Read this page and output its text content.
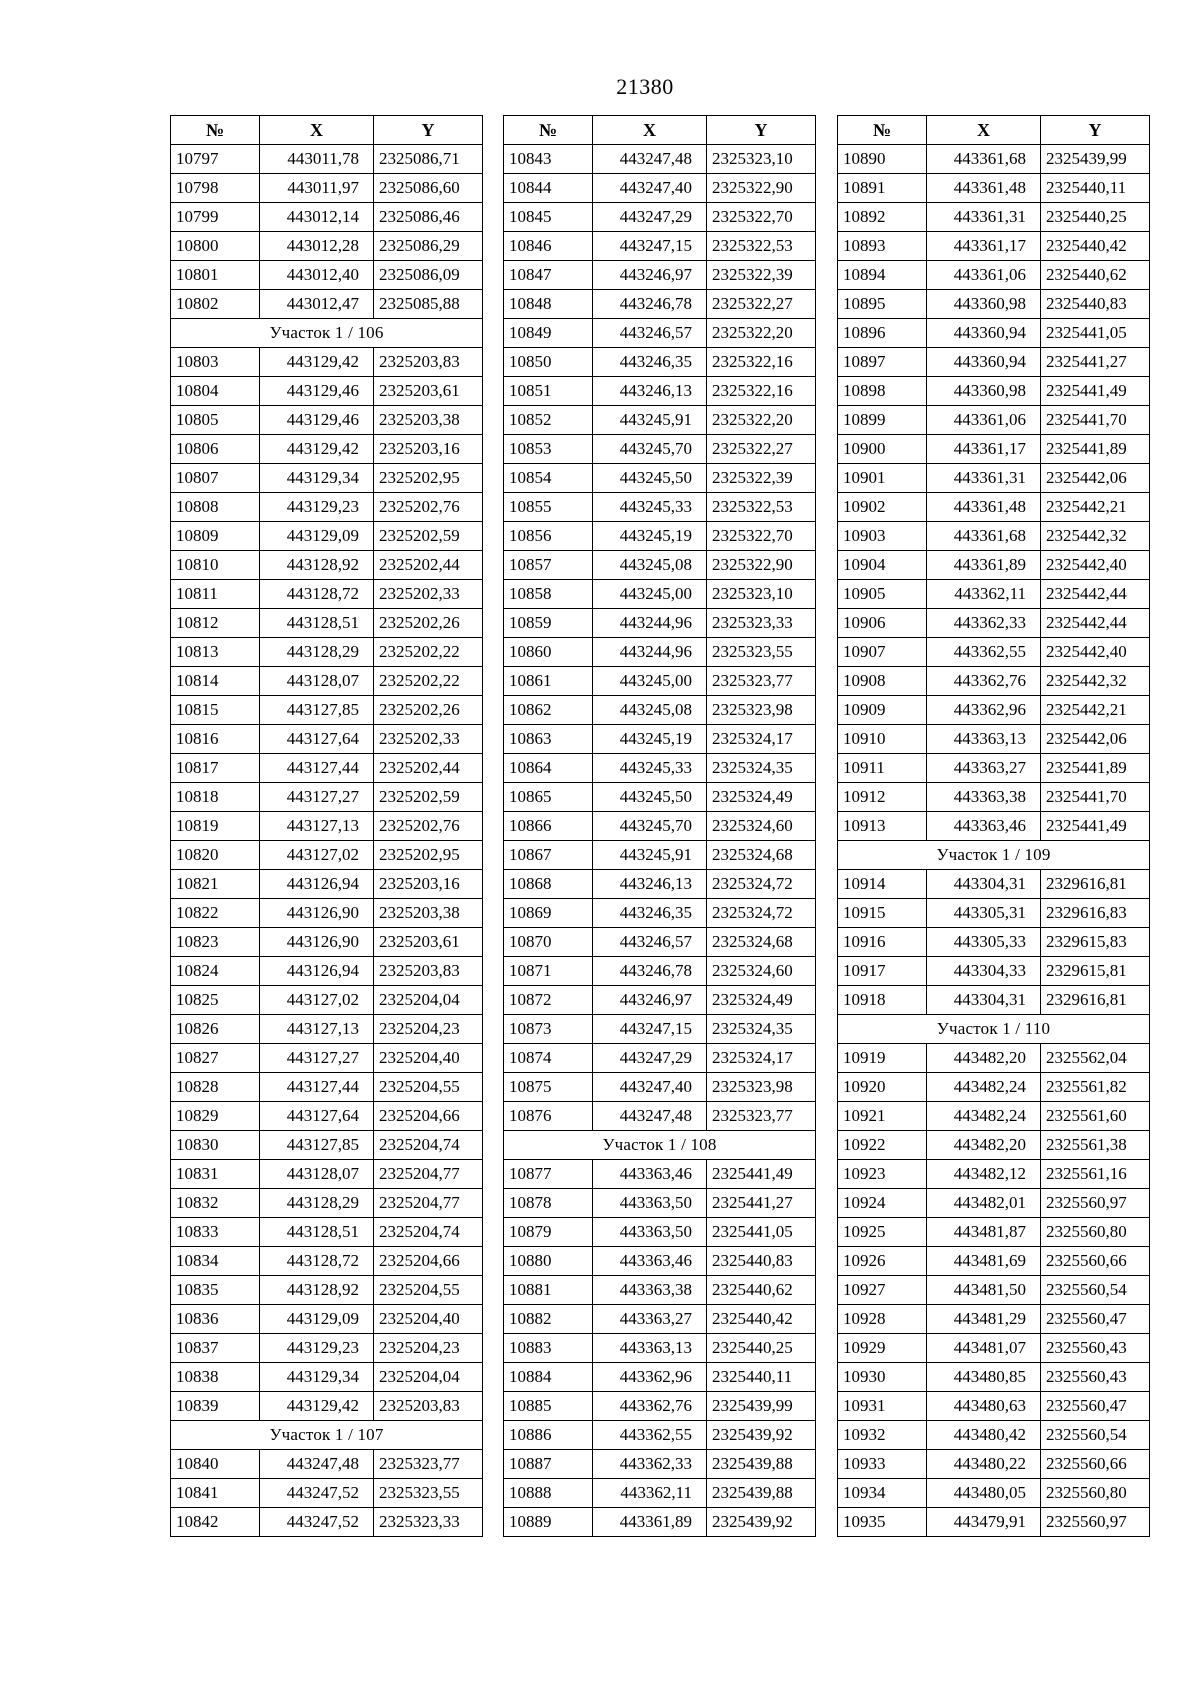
21380
№	X	Y
10797	443011,78	2325086,71
10798	443011,97	2325086,60
10799	443012,14	2325086,46
10800	443012,28	2325086,29
10801	443012,40	2325086,09
10802	443012,47	2325085,88
Участок 1 / 106		
10803	443129,42	2325203,83
10804	443129,46	2325203,61
10805	443129,46	2325203,38
10806	443129,42	2325203,16
10807	443129,34	2325202,95
10808	443129,23	2325202,76
10809	443129,09	2325202,59
10810	443128,92	2325202,44
10811	443128,72	2325202,33
10812	443128,51	2325202,26
10813	443128,29	2325202,22
10814	443128,07	2325202,22
10815	443127,85	2325202,26
10816	443127,64	2325202,33
10817	443127,44	2325202,44
10818	443127,27	2325202,59
10819	443127,13	2325202,76
10820	443127,02	2325202,95
10821	443126,94	2325203,16
10822	443126,90	2325203,38
10823	443126,90	2325203,61
10824	443126,94	2325203,83
10825	443127,02	2325204,04
10826	443127,13	2325204,23
10827	443127,27	2325204,40
10828	443127,44	2325204,55
10829	443127,64	2325204,66
10830	443127,85	2325204,74
10831	443128,07	2325204,77
10832	443128,29	2325204,77
10833	443128,51	2325204,74
10834	443128,72	2325204,66
10835	443128,92	2325204,55
10836	443129,09	2325204,40
10837	443129,23	2325204,23
10838	443129,34	2325204,04
10839	443129,42	2325203,83
Участок 1 / 107		
10840	443247,48	2325323,77
10841	443247,52	2325323,55
10842	443247,52	2325323,33
№	X	Y
10843	443247,48	2325323,10
10844	443247,40	2325322,90
10845	443247,29	2325322,70
10846	443247,15	2325322,53
10847	443246,97	2325322,39
10848	443246,78	2325322,27
10849	443246,57	2325322,20
10850	443246,35	2325322,16
10851	443246,13	2325322,16
10852	443245,91	2325322,20
10853	443245,70	2325322,27
10854	443245,50	2325322,39
10855	443245,33	2325322,53
10856	443245,19	2325322,70
10857	443245,08	2325322,90
10858	443245,00	2325323,10
10859	443244,96	2325323,33
10860	443244,96	2325323,55
10861	443245,00	2325323,77
10862	443245,08	2325323,98
10863	443245,19	2325324,17
10864	443245,33	2325324,35
10865	443245,50	2325324,49
10866	443245,70	2325324,60
10867	443245,91	2325324,68
10868	443246,13	2325324,72
10869	443246,35	2325324,72
10870	443246,57	2325324,68
10871	443246,78	2325324,60
10872	443246,97	2325324,49
10873	443247,15	2325324,35
10874	443247,29	2325324,17
10875	443247,40	2325323,98
10876	443247,48	2325323,77
Участок 1 / 108		
10877	443363,46	2325441,49
10878	443363,50	2325441,27
10879	443363,50	2325441,05
10880	443363,46	2325440,83
10881	443363,38	2325440,62
10882	443363,27	2325440,42
10883	443363,13	2325440,25
10884	443362,96	2325440,11
10885	443362,76	2325439,99
10886	443362,55	2325439,92
10887	443362,33	2325439,88
10888	443362,11	2325439,88
10889	443361,89	2325439,92
№	X	Y
10890	443361,68	2325439,99
10891	443361,48	2325440,11
10892	443361,31	2325440,25
10893	443361,17	2325440,42
10894	443361,06	2325440,62
10895	443360,98	2325440,83
10896	443360,94	2325441,05
10897	443360,94	2325441,27
10898	443360,98	2325441,49
10899	443361,06	2325441,70
10900	443361,17	2325441,89
10901	443361,31	2325442,06
10902	443361,48	2325442,21
10903	443361,68	2325442,32
10904	443361,89	2325442,40
10905	443362,11	2325442,44
10906	443362,33	2325442,44
10907	443362,55	2325442,40
10908	443362,76	2325442,32
10909	443362,96	2325442,21
10910	443363,13	2325442,06
10911	443363,27	2325441,89
10912	443363,38	2325441,70
10913	443363,46	2325441,49
Участок 1 / 109		
10914	443304,31	2329616,81
10915	443305,31	2329616,83
10916	443305,33	2329615,83
10917	443304,33	2329615,81
10918	443304,31	2329616,81
Участок 1 / 110		
10919	443482,20	2325562,04
10920	443482,24	2325561,82
10921	443482,24	2325561,60
10922	443482,20	2325561,38
10923	443482,12	2325561,16
10924	443482,01	2325560,97
10925	443481,87	2325560,80
10926	443481,69	2325560,66
10927	443481,50	2325560,54
10928	443481,29	2325560,47
10929	443481,07	2325560,43
10930	443480,85	2325560,43
10931	443480,63	2325560,47
10932	443480,42	2325560,54
10933	443480,22	2325560,66
10934	443480,05	2325560,80
10935	443479,91	2325560,97
